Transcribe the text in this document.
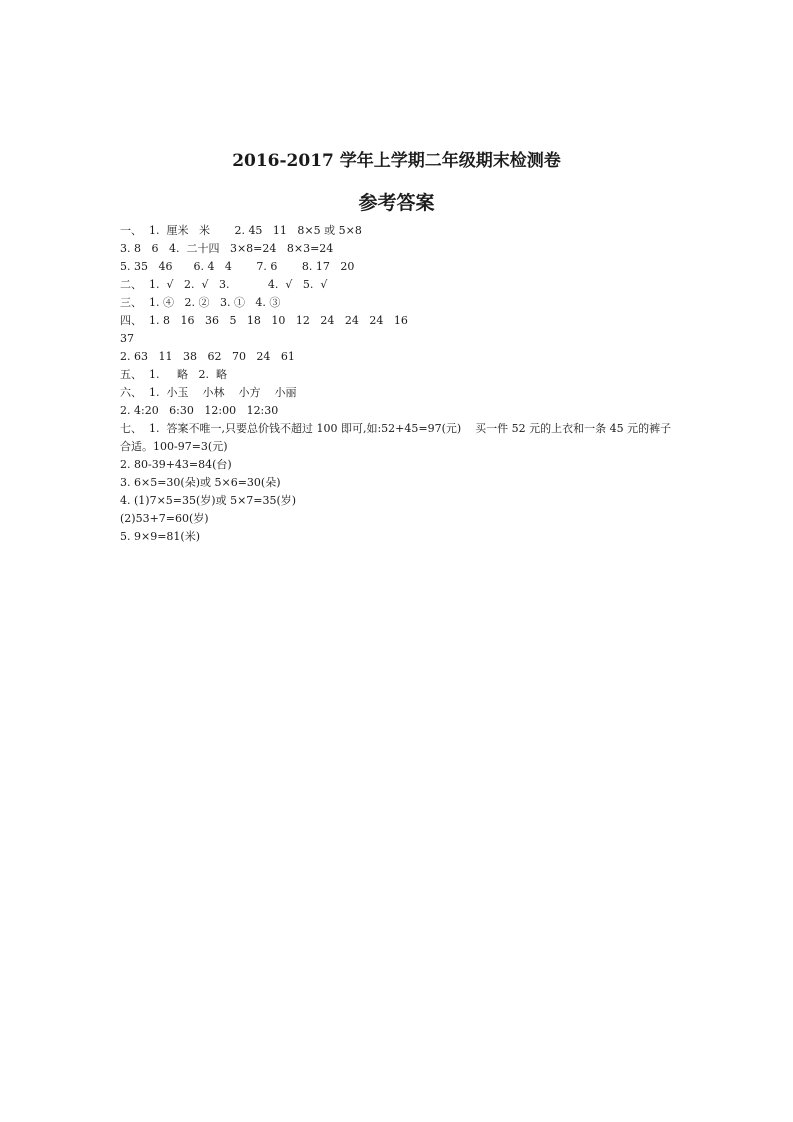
2016-2017 学年上学期二年级期末检测卷
参考答案
一、  1.  厘米   米       2. 45   11   8×5 或 5×8
3. 8   6   4.  二十四   3×8=24   8×3=24
5. 35   46      6. 4   4       7. 6       8. 17   20
二、  1.  √   2.  √   3.           4.  √   5.  √
三、  1. ④   2. ②   3. ①   4. ③
四、  1. 8   16   36   5   18   10   12   24   24   24   16
37
2. 63   11   38   62   70   24   61
五、  1.     略   2.  略
六、  1.  小玉    小林    小方    小丽
2. 4:20   6:30   12:00   12:30
七、  1.  答案不唯一,只要总价钱不超过 100 即可,如:52+45=97(元)    买一件 52 元的上衣和一条 45 元的裤子
合适。100-97=3(元)
2. 80-39+43=84(台)
3. 6×5=30(朵)或 5×6=30(朵)
4. (1)7×5=35(岁)或 5×7=35(岁)
(2)53+7=60(岁)
5. 9×9=81(米)
